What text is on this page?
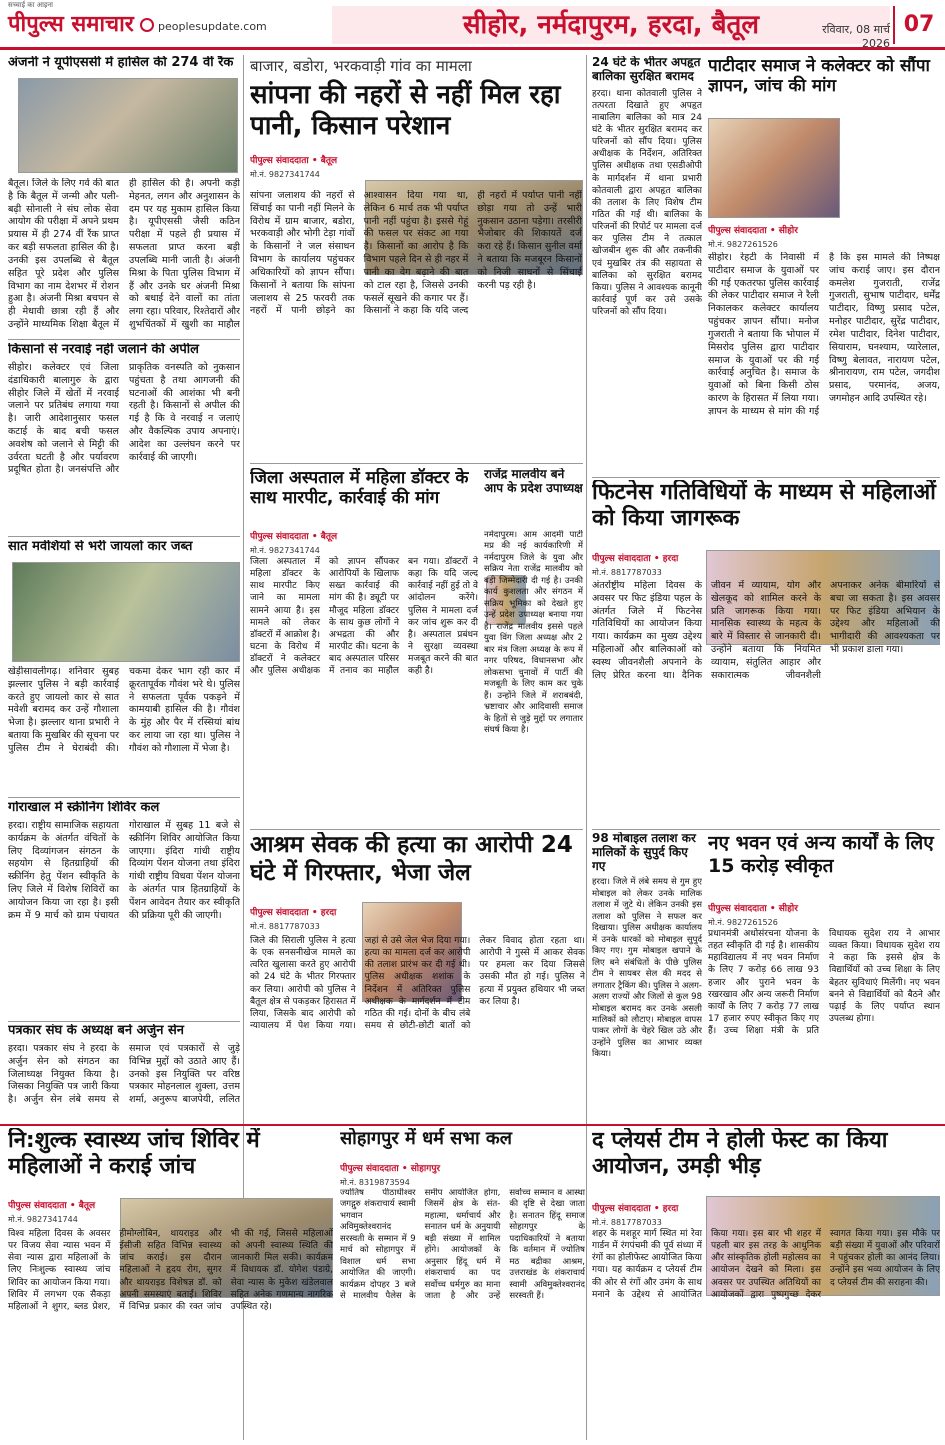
सच्चाई का आइना
पीपुल्स समाचार peoplesupdate.com	सीहोर, नर्मदापुरम, हरदा, बैतूल	रविवार, 08 मार्च 2026
07
अंजनी ने यूपीएससी में हासिल की 274 वीं रैंक
बैतूल। जिले के लिए गर्व की बात है कि बैतूल में जन्मी और पली-बढ़ी सोनाली ने संघ लोक सेवा आयोग की परीक्षा में अपने प्रथम प्रयास में ही 274 वीं रैंक प्राप्त कर बड़ी सफलता हासिल की है। उनकी इस उपलब्धि से बैतूल सहित पूरे प्रदेश और पुलिस विभाग का नाम देशभर में रोशन हुआ है। अंजनी मिश्रा बचपन से ही मेधावी छात्रा रही हैं और उन्होंने माध्यमिक शिक्षा बैतूल में ही हासिल की है। अपनी कड़ी मेहनत, लगन और अनुशासन के दम पर यह मुकाम हासिल किया है। यूपीएससी जैसी कठिन परीक्षा में पहले ही प्रयास में सफलता प्राप्त करना बड़ी उपलब्धि मानी जाती है। अंजनी मिश्रा के पिता पुलिस विभाग में हैं और उनके घर अंजनी मिश्रा को बधाई देने वालों का तांता लगा रहा। परिवार, रिश्तेदारों और शुभचिंतकों में खुशी का माहौल
किसानों से नरवाई नहीं जलाने की अपील
सीहोर। कलेक्टर एवं जिला दंडाधिकारी बालागुरु के द्वारा सीहोर जिले में खेतों में नरवाई जलाने पर प्रतिबंध लगाया गया है। जारी आदेशानुसार फसल कटाई के बाद बची फसल अवशेष को जलाने से मिट्टी की उर्वरता घटती है और पर्यावरण प्रदूषित होता है। जनसंपत्ति और प्राकृतिक वनस्पति को नुकसान पहुंचता है तथा आगजनी की घटनाओं की आशंका भी बनी रहती है। किसानों से अपील की गई है कि वे नरवाई न जलाएं और वैकल्पिक उपाय अपनाएं। आदेश का उल्लंघन करने पर कार्रवाई की जाएगी।
सात मवेशियों से भरी जायलो कार जब्त
खेड़ीसावलीगढ़। शनिवार सुबह झल्लार पुलिस ने बड़ी कार्रवाई करते हुए जायलो कार से सात मवेशी बरामद कर उन्हें गौशाला भेजा है। झल्लार थाना प्रभारी ने बताया कि मुखबिर की सूचना पर पुलिस टीम ने घेराबंदी की। चकमा देकर भाग रही कार में क्रूरतापूर्वक गौवंश भरे थे। पुलिस ने सफलता पूर्वक पकड़ने में कामयाबी हासिल की है। गौवंश के मुंह और पैर में रस्सियां बांध कर लाया जा रहा था। पुलिस ने गौवंश को गौशाला में भेजा है।
गोराखाल में स्क्रीनिंग शिविर कल
हरदा। राष्ट्रीय सामाजिक सहायता कार्यक्रम के अंतर्गत वंचितों के लिए दिव्यांगजन संगठन के सहयोग से हितग्राहियों की स्क्रीनिंग हेतु पेंशन स्वीकृति के लिए जिले में विशेष शिविरों का आयोजन किया जा रहा है। इसी क्रम में 9 मार्च को ग्राम पंचायत गोराखाल में सुबह 11 बजे से स्क्रीनिंग शिविर आयोजित किया जाएगा। इंदिरा गांधी राष्ट्रीय दिव्यांग पेंशन योजना तथा इंदिरा गांधी राष्ट्रीय विधवा पेंशन योजना के अंतर्गत पात्र हितग्राहियों के पेंशन आवेदन तैयार कर स्वीकृति की प्रक्रिया पूरी की जाएगी।
पत्रकार संघ के अध्यक्ष बने अर्जुन सेन
हरदा। पत्रकार संघ ने हरदा के अर्जुन सेन को संगठन का जिलाध्यक्ष नियुक्त किया है। जिसका नियुक्ति पत्र जारी किया है। अर्जुन सेन लंबे समय से समाज एवं पत्रकारों से जुड़े विभिन्न मुद्दों को उठाते आए हैं। उनको इस नियुक्ति पर वरिष्ठ पत्रकार मोहनलाल शुक्ला, उत्तम शर्मा, अनुरूप बाजपेयी, ललित
बाजार, बडोरा, भरकवाड़ी गांव का मामला
सांपना की नहरों से नहीं मिल रहा पानी, किसान परेशान
पीपुल्स संवाददाता • बैतूल
मो.नं. 9827341744
सांपना जलाशय की नहरों से सिंचाई का पानी नहीं मिलने के विरोध में ग्राम बाजार, बडोरा, भरकवाड़ी और भोगी टेड़ा गांवों के किसानों ने जल संसाधन विभाग के कार्यालय पहुंचकर अधिकारियों को ज्ञापन सौंपा। किसानों ने बताया कि सांपना जलाशय से 25 फरवरी तक नहरों में पानी छोड़ने का आश्वासन दिया गया था, लेकिन 6 मार्च तक भी पर्याप्त पानी नहीं पहुंचा है। इससे गेहूं की फसल पर संकट आ गया है। किसानों का आरोप है कि विभाग पहले दिन से ही नहर में पानी का वेग बढ़ाने की बात को टाल रहा है, जिससे उनकी फसलें सूखने की कगार पर हैं। किसानों ने कहा कि यदि जल्द ही नहरों में पर्याप्त पानी नहीं छोड़ा गया तो उन्हें भारी नुकसान उठाना पड़ेगा। तरसीरी भैजोबार की शिकायतें दर्ज करा रहे हैं। किसान सुनील वर्मा ने बताया कि मजबूरन किसानों को निजी साधनों से सिंचाई करनी पड़ रही है।
24 घंटे के भीतर अपहृत बालिका सुरक्षित बरामद
हरदा। थाना कोतवाली पुलिस ने तत्परता दिखाते हुए अपहृत नाबालिग बालिका को मात्र 24 घंटे के भीतर सुरक्षित बरामद कर परिजनों को सौंप दिया। पुलिस अधीक्षक के निर्देशन, अतिरिक्त पुलिस अधीक्षक तथा एसडीओपी के मार्गदर्शन में थाना प्रभारी कोतवाली द्वारा अपहृत बालिका की तलाश के लिए विशेष टीम गठित की गई थी। बालिका के परिजनों की रिपोर्ट पर मामला दर्ज कर पुलिस टीम ने तत्काल खोजबीन शुरू की और तकनीकी एवं मुखबिर तंत्र की सहायता से बालिका को सुरक्षित बरामद किया। पुलिस ने आवश्यक कानूनी कार्रवाई पूर्ण कर उसे उसके परिजनों को सौंप दिया।
पाटीदार समाज ने कलेक्टर को सौंपा ज्ञापन, जांच की मांग
पीपुल्स संवाददाता • सीहोर
मो.नं. 9827261526
सीहोर। रेहटी के निवासी में पाटीदार समाज के युवाओं पर की गई एकतरफा पुलिस कार्रवाई की लेकर पाटीदार समाज ने रैली निकालकर कलेक्टर कार्यालय पहुंचकर ज्ञापन सौंपा। मनोज गुजराती ने बताया कि भोपाल में मिसरोद पुलिस द्वारा पाटीदार समाज के युवाओं पर की गई कार्रवाई अनुचित है। समाज के युवाओं को बिना किसी ठोस कारण के हिरासत में लिया गया। ज्ञापन के माध्यम से मांग की गई है कि इस मामले की निष्पक्ष जांच कराई जाए। इस दौरान कमलेश गुजराती, राजेंद्र गुजराती, सुभाष पाटीदार, धर्मेंद्र पाटीदार, विष्णु प्रसाद पटेल, मनोहर पाटीदार, सुरेंद्र पाटीदार, रमेश पाटीदार, दिनेश पाटीदार, सियाराम, घनश्याम, प्यारेलाल, विष्णु बेलावत, नारायण पटेल, श्रीनारायण, राम पटेल, जगदीश प्रसाद, परमानंद, अजय, जगमोहन आदि उपस्थित रहे।
जिला अस्पताल में महिला डॉक्टर के साथ मारपीट, कार्रवाई की मांग
पीपुल्स संवाददाता • बैतूल
मो.नं. 9827341744
जिला अस्पताल में महिला डॉक्टर के साथ मारपीट किए जाने का मामला सामने आया है। इस मामले को लेकर डॉक्टरों में आक्रोश है। घटना के विरोध में डॉक्टरों ने कलेक्टर और पुलिस अधीक्षक को ज्ञापन सौंपकर आरोपियों के खिलाफ सख्त कार्रवाई की मांग की है। ड्यूटी पर मौजूद महिला डॉक्टर के साथ कुछ लोगों ने अभद्रता की और मारपीट की। घटना के बाद अस्पताल परिसर में तनाव का माहौल बन गया। डॉक्टरों ने कहा कि यदि जल्द कार्रवाई नहीं हुई तो वे आंदोलन करेंगे। पुलिस ने मामला दर्ज कर जांच शुरू कर दी है। अस्पताल प्रबंधन ने सुरक्षा व्यवस्था मजबूत करने की बात कही है।
राजेंद्र मालवीय बने आप के प्रदेश उपाध्यक्ष
नर्मदापुरम। आम आदमी पार्टी मप्र की नई कार्यकारिणी में नर्मदापुरम जिले के युवा और सक्रिय नेता राजेंद्र मालवीय को बड़ी जिम्मेदारी दी गई है। उनकी कार्य कुशलता और संगठन में सक्रिय भूमिका को देखते हुए उन्हें प्रदेश उपाध्यक्ष बनाया गया है। राजेंद्र मालवीय इससे पहले युवा विंग जिला अध्यक्ष और 2 बार मंत्र जिला अध्यक्ष के रूप में नगर परिषद, विधानसभा और लोकसभा चुनावों में पार्टी की मजबूती के लिए काम कर चुके हैं। उन्होंने जिले में शराबबंदी, भ्रष्टाचार और आदिवासी समाज के हितों से जुड़े मुद्दों पर लगातार संघर्ष किया है।
फिटनेस गतिविधियों के माध्यम से महिलाओं को किया जागरूक
पीपुल्स संवाददाता • हरदा
मो.नं. 8817787033
अंतर्राष्ट्रीय महिला दिवस के अवसर पर फिट इंडिया पहल के अंतर्गत जिले में फिटनेस गतिविधियों का आयोजन किया गया। कार्यक्रम का मुख्य उद्देश्य महिलाओं और बालिकाओं को स्वस्थ जीवनशैली अपनाने के लिए प्रेरित करना था। दैनिक जीवन में व्यायाम, योग और खेलकूद को शामिल करने के प्रति जागरूक किया गया। मानसिक स्वास्थ्य के महत्व के बारे में विस्तार से जानकारी दी। उन्होंने बताया कि नियमित व्यायाम, संतुलित आहार और सकारात्मक जीवनशैली अपनाकर अनेक बीमारियों से बचा जा सकता है। इस अवसर पर फिट इंडिया अभियान के उद्देश्य और महिलाओं की भागीदारी की आवश्यकता पर भी प्रकाश डाला गया।
आश्रम सेवक की हत्या का आरोपी 24 घंटे में गिरफ्तार, भेजा जेल
पीपुल्स संवाददाता • हरदा
मो.नं. 8817787033
जिले की सिराली पुलिस ने हत्या के एक सनसनीखेज मामले का त्वरित खुलासा करते हुए आरोपी को 24 घंटे के भीतर गिरफ्तार कर लिया। आरोपी को पुलिस ने बैतूल क्षेत्र से पकड़कर हिरासत में लिया, जिसके बाद आरोपी को न्यायालय में पेश किया गया। जहां से उसे जेल भेज दिया गया। हत्या का मामला दर्ज कर आरोपी की तलाश प्रारंभ कर दी गई थी। पुलिस अधीक्षक शशांक के निर्देशन में अतिरिक्त पुलिस अधीक्षक के मार्गदर्शन में टीम गठित की गई। दोनों के बीच लंबे समय से छोटी-छोटी बातों को लेकर विवाद होता रहता था। आरोपी ने गुस्से में आकर सेवक पर हमला कर दिया जिससे उसकी मौत हो गई। पुलिस ने हत्या में प्रयुक्त हथियार भी जब्त कर लिया है।
98 मोबाइल तलाश कर मालिकों के सुपुर्द किए गए
हरदा। जिले में लंबे समय से गुम हुए मोबाइल को लेकर उनके मालिक तलाश में जुटे थे। लेकिन उनकी इस तलाश को पुलिस ने सफल कर दिखाया। पुलिस अधीक्षक कार्यालय में उनके धारकों को मोबाइल सुपुर्द किए गए। गुम मोबाइल खपाने के लिए बने संबंधितों के पीछे पुलिस टीम ने सायबर सेल की मदद से लगातार ट्रैकिंग की। पुलिस ने अलग-अलग राज्यों और जिलों से कुल 98 मोबाइल बरामद कर उनके असली मालिकों को लौटाए। मोबाइल वापस पाकर लोगों के चेहरे खिल उठे और उन्होंने पुलिस का आभार व्यक्त किया।
नए भवन एवं अन्य कार्यों के लिए 15 करोड़ स्वीकृत
पीपुल्स संवाददाता • सीहोर
मो.नं. 9827261526
प्रधानमंत्री अधोसंरचना योजना के तहत स्वीकृति दी गई है। शासकीय महाविद्यालय में नए भवन निर्माण के लिए 7 करोड़ 66 लाख 93 हजार और पुराने भवन के रखरखाव और अन्य जरूरी निर्माण कार्यों के लिए 7 करोड़ 77 लाख 17 हजार रुपए स्वीकृत किए गए हैं। उच्च शिक्षा मंत्री के प्रति विधायक सुदेश राय ने आभार व्यक्त किया। विधायक सुदेश राय ने कहा कि इससे क्षेत्र के विद्यार्थियों को उच्च शिक्षा के लिए बेहतर सुविधाएं मिलेंगी। नए भवन बनने से विद्यार्थियों को बैठने और पढ़ाई के लिए पर्याप्त स्थान उपलब्ध होगा।
नि:शुल्क स्वास्थ्य जांच शिविर में महिलाओं ने कराई जांच
पीपुल्स संवाददाता • बैतूल
मो.नं. 9827341744
विश्व महिला दिवस के अवसर पर विजय सेवा न्यास भवन में सेवा न्यास द्वारा महिलाओं के लिए निःशुल्क स्वास्थ्य जांच शिविर का आयोजन किया गया। शिविर में लगभग एक सैकड़ा महिलाओं ने शुगर, ब्लड प्रेशर, हीमोग्लोबिन, थायराइड और ईसीजी सहित विभिन्न स्वास्थ्य जांच कराई। इस दौरान महिलाओं ने हृदय रोग, सुगर और थायराइड विशेषज्ञ डॉ. को अपनी समस्याएं बताईं। शिविर में विभिन्न प्रकार की रक्त जांच भी की गई, जिससे महिलाओं को अपनी स्वास्थ्य स्थिति की जानकारी मिल सकी। कार्यक्रम में विधायक डॉ. योगेश पंडाग्रे, सेवा न्यास के मुकेश खंडेलवाल सहित अनेक गणमान्य नागरिक उपस्थित रहे।
सोहागपुर में धर्म सभा कल
पीपुल्स संवाददाता • सोहागपुर
मो.नं. 8319873594
ज्योतिष पीठाधीश्वर जगद्गुरु शंकराचार्य स्वामी भगवान अविमुक्तेश्वरानंद सरस्वती के सम्मान में 9 मार्च को सोहागपुर में विशाल धर्म सभा आयोजित की जाएगी। कार्यक्रम दोपहर 3 बजे से मालवीय पैलेस के समीप आयोजित होगा, जिसमें क्षेत्र के संत-महात्मा, धर्माचार्य और सनातन धर्म के अनुयायी बड़ी संख्या में शामिल होंगे। आयोजकों के अनुसार हिंदू धर्म में शंकराचार्य का पद सर्वोच्च धर्मगुरु का माना जाता है और उन्हें सर्वोच्च सम्मान व आस्था की दृष्टि से देखा जाता है। सनातन हिंदू समाज सोहागपुर के पदाधिकारियों ने बताया कि वर्तमान में ज्योतिष मठ बद्रीका आश्रम, उत्तराखंड के शंकराचार्य स्वामी अविमुक्तेश्वरानंद सरस्वती हैं।
द प्लेयर्स टीम ने होली फेस्ट का किया आयोजन, उमड़ी भीड़
पीपुल्स संवाददाता • हरदा
मो.नं. 8817787033
शहर के मशहूर मार्ग स्थित मां रेवा गार्डन में रंगपंचमी की पूर्व संध्या में रंगों का होलीफेस्ट आयोजित किया गया। यह कार्यक्रम द प्लेयर्स टीम की ओर से रंगों और उमंग के साथ मनाने के उद्देश्य से आयोजित किया गया। इस बार भी शहर में पहली बार इस तरह के आधुनिक और सांस्कृतिक होली महोत्सव का आयोजन देखने को मिला। इस अवसर पर उपस्थित अतिथियों का आयोजकों द्वारा पुष्पगुच्छ देकर स्वागत किया गया। इस मौके पर बड़ी संख्या में युवाओं और परिवारों ने पहुंचकर होली का आनंद लिया। उन्होंने इस भव्य आयोजन के लिए द प्लेयर्स टीम की सराहना की।
